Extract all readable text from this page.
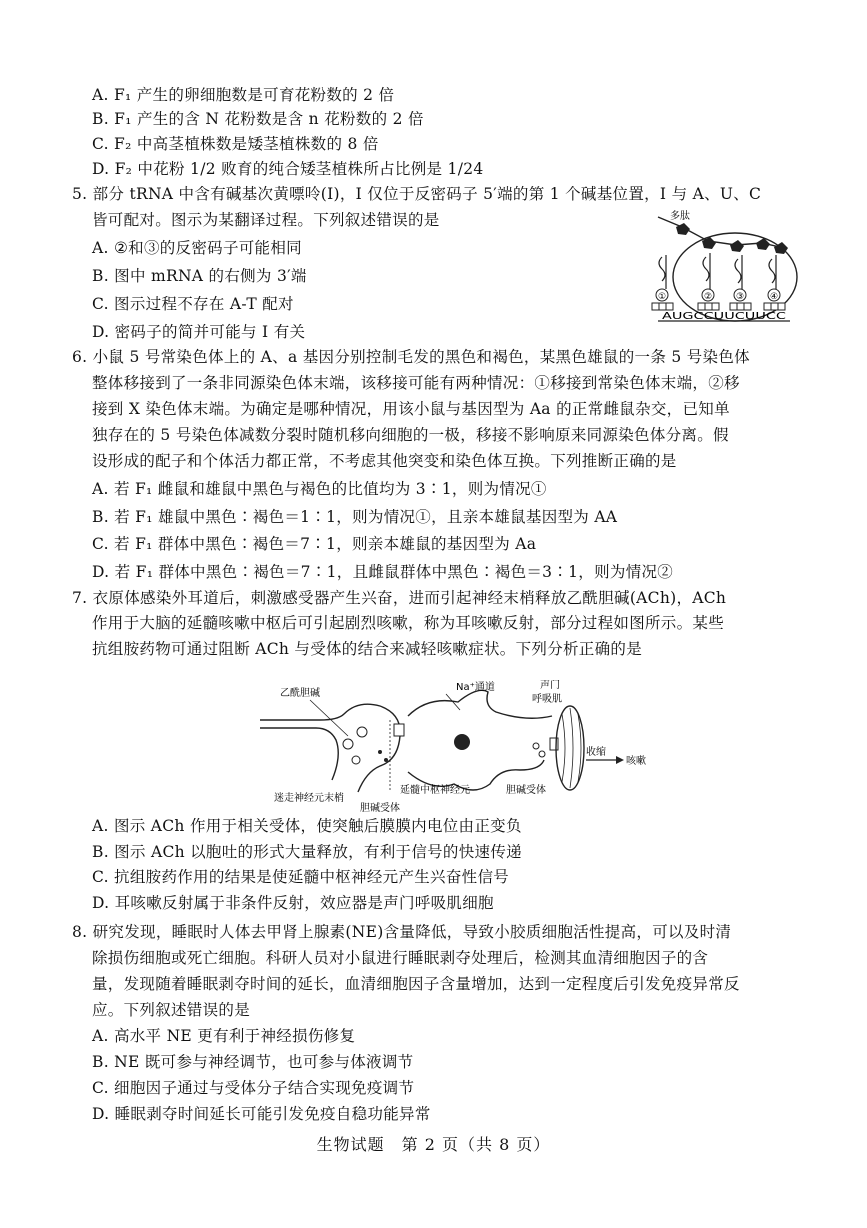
A. F₁ 产生的卵细胞数是可育花粉数的 2 倍
B. F₁ 产生的含 N 花粉数是含 n 花粉数的 2 倍
C. F₂ 中高茎植株数是矮茎植株数的 8 倍
D. F₂ 中花粉 1/2 败育的纯合矮茎植株所占比例是 1/24
5. 部分 tRNA 中含有碱基次黄嘌呤(I)，I 仅位于反密码子 5′端的第 1 个碱基位置，I 与 A、U、C
皆可配对。图示为某翻译过程。下列叙述错误的是
A. ②和③的反密码子可能相同
B. 图中 mRNA 的右侧为 3′端
C. 图示过程不存在 A-T 配对
D. 密码子的简并可能与 I 有关
多肽
①	②	③	④
AUGCCUUCUUCC
6. 小鼠 5 号常染色体上的 A、a 基因分别控制毛发的黑色和褐色，某黑色雄鼠的一条 5 号染色体
整体移接到了一条非同源染色体末端，该移接可能有两种情况：①移接到常染色体末端，②移
接到 X 染色体末端。为确定是哪种情况，用该小鼠与基因型为 Aa 的正常雌鼠杂交，已知单
独存在的 5 号染色体减数分裂时随机移向细胞的一极，移接不影响原来同源染色体分离。假
设形成的配子和个体活力都正常，不考虑其他突变和染色体互换。下列推断正确的是
A. 若 F₁ 雌鼠和雄鼠中黑色与褐色的比值均为 3∶1，则为情况①
B. 若 F₁ 雄鼠中黑色∶褐色＝1∶1，则为情况①，且亲本雄鼠基因型为 AA
C. 若 F₁ 群体中黑色∶褐色＝7∶1，则亲本雄鼠的基因型为 Aa
D. 若 F₁ 群体中黑色∶褐色＝7∶1，且雌鼠群体中黑色∶褐色＝3∶1，则为情况②
7. 衣原体感染外耳道后，刺激感受器产生兴奋，进而引起神经末梢释放乙酰胆碱(ACh)，ACh
作用于大脑的延髓咳嗽中枢后可引起剧烈咳嗽，称为耳咳嗽反射，部分过程如图所示。某些
抗组胺药物可通过阻断 ACh 与受体的结合来减轻咳嗽症状。下列分析正确的是
乙酰胆碱
Na⁺通道	声门
呼吸肌
收缩
咳嗽
迷走神经元末梢
胆碱受体
延髓中枢神经元	胆碱受体
A. 图示 ACh 作用于相关受体，使突触后膜膜内电位由正变负
B. 图示 ACh 以胞吐的形式大量释放，有利于信号的快速传递
C. 抗组胺药作用的结果是使延髓中枢神经元产生兴奋性信号
D. 耳咳嗽反射属于非条件反射，效应器是声门呼吸肌细胞
8. 研究发现，睡眠时人体去甲肾上腺素(NE)含量降低，导致小胶质细胞活性提高，可以及时清
除损伤细胞或死亡细胞。科研人员对小鼠进行睡眠剥夺处理后，检测其血清细胞因子的含
量，发现随着睡眠剥夺时间的延长，血清细胞因子含量增加，达到一定程度后引发免疫异常反
应。下列叙述错误的是
A. 高水平 NE 更有利于神经损伤修复
B. NE 既可参与神经调节，也可参与体液调节
C. 细胞因子通过与受体分子结合实现免疫调节
D. 睡眠剥夺时间延长可能引发免疫自稳功能异常
生物试题　第 2 页（共 8 页）
